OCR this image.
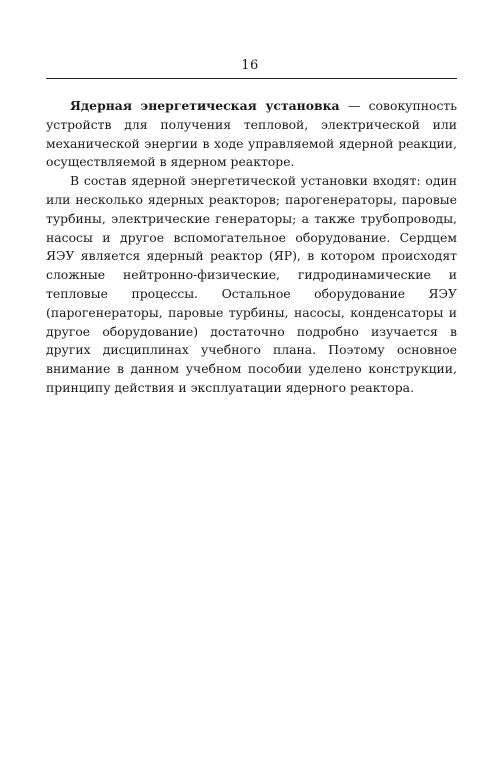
16

Ядерная энергетическая установка — совокупность устройств для получения тепловой, электрической или механической энергии в ходе управляемой ядерной реакции, осуществляемой в ядерном реакторе.

В состав ядерной энергетической установки входят: один или несколько ядерных реакторов; парогенераторы, паровые турбины, электрические генераторы; а также трубопроводы, насосы и другое вспомогательное оборудование. Сердцем ЯЭУ является ядерный реактор (ЯР), в котором происходят сложные нейтронно-физические, гидродинамические и тепловые процессы. Остальное оборудование ЯЭУ (парогенераторы, паровые турбины, насосы, конденсаторы и другое оборудование) достаточно подробно изучается в других дисциплинах учебного плана. Поэтому основное внимание в данном учебном пособии уделено конструкции, принципу действия и эксплуатации ядерного реактора.
